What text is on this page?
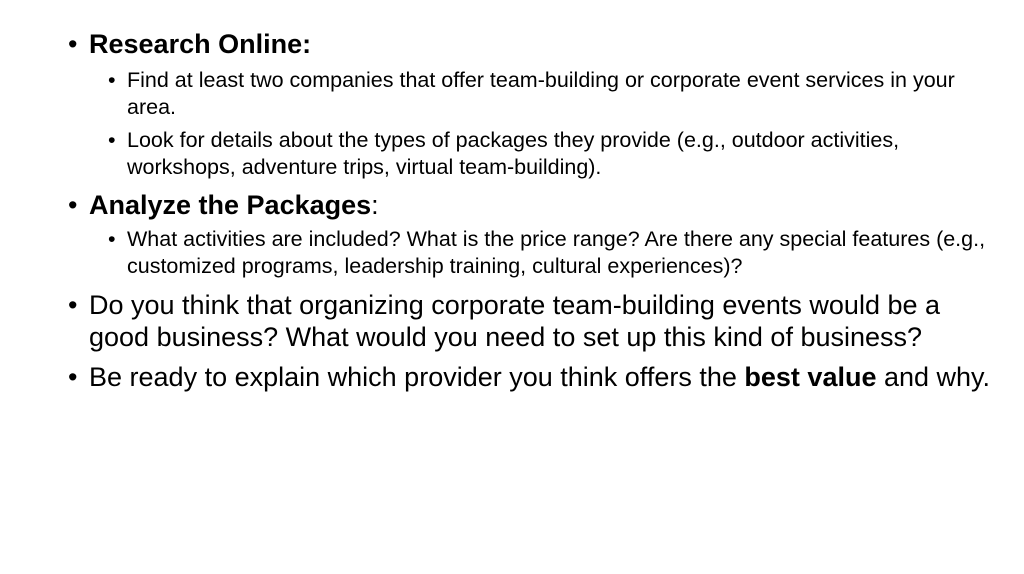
• Research Online:
• Find at least two companies that offer team-building or corporate event services in your area.
• Look for details about the types of packages they provide (e.g., outdoor activities, workshops, adventure trips, virtual team-building).
• Analyze the Packages:
• What activities are included? What is the price range? Are there any special features (e.g., customized programs, leadership training, cultural experiences)?
• Do you think that organizing corporate team-building events would be a good business? What would you need to set up this kind of business?
• Be ready to explain which provider you think offers the best value and why.
